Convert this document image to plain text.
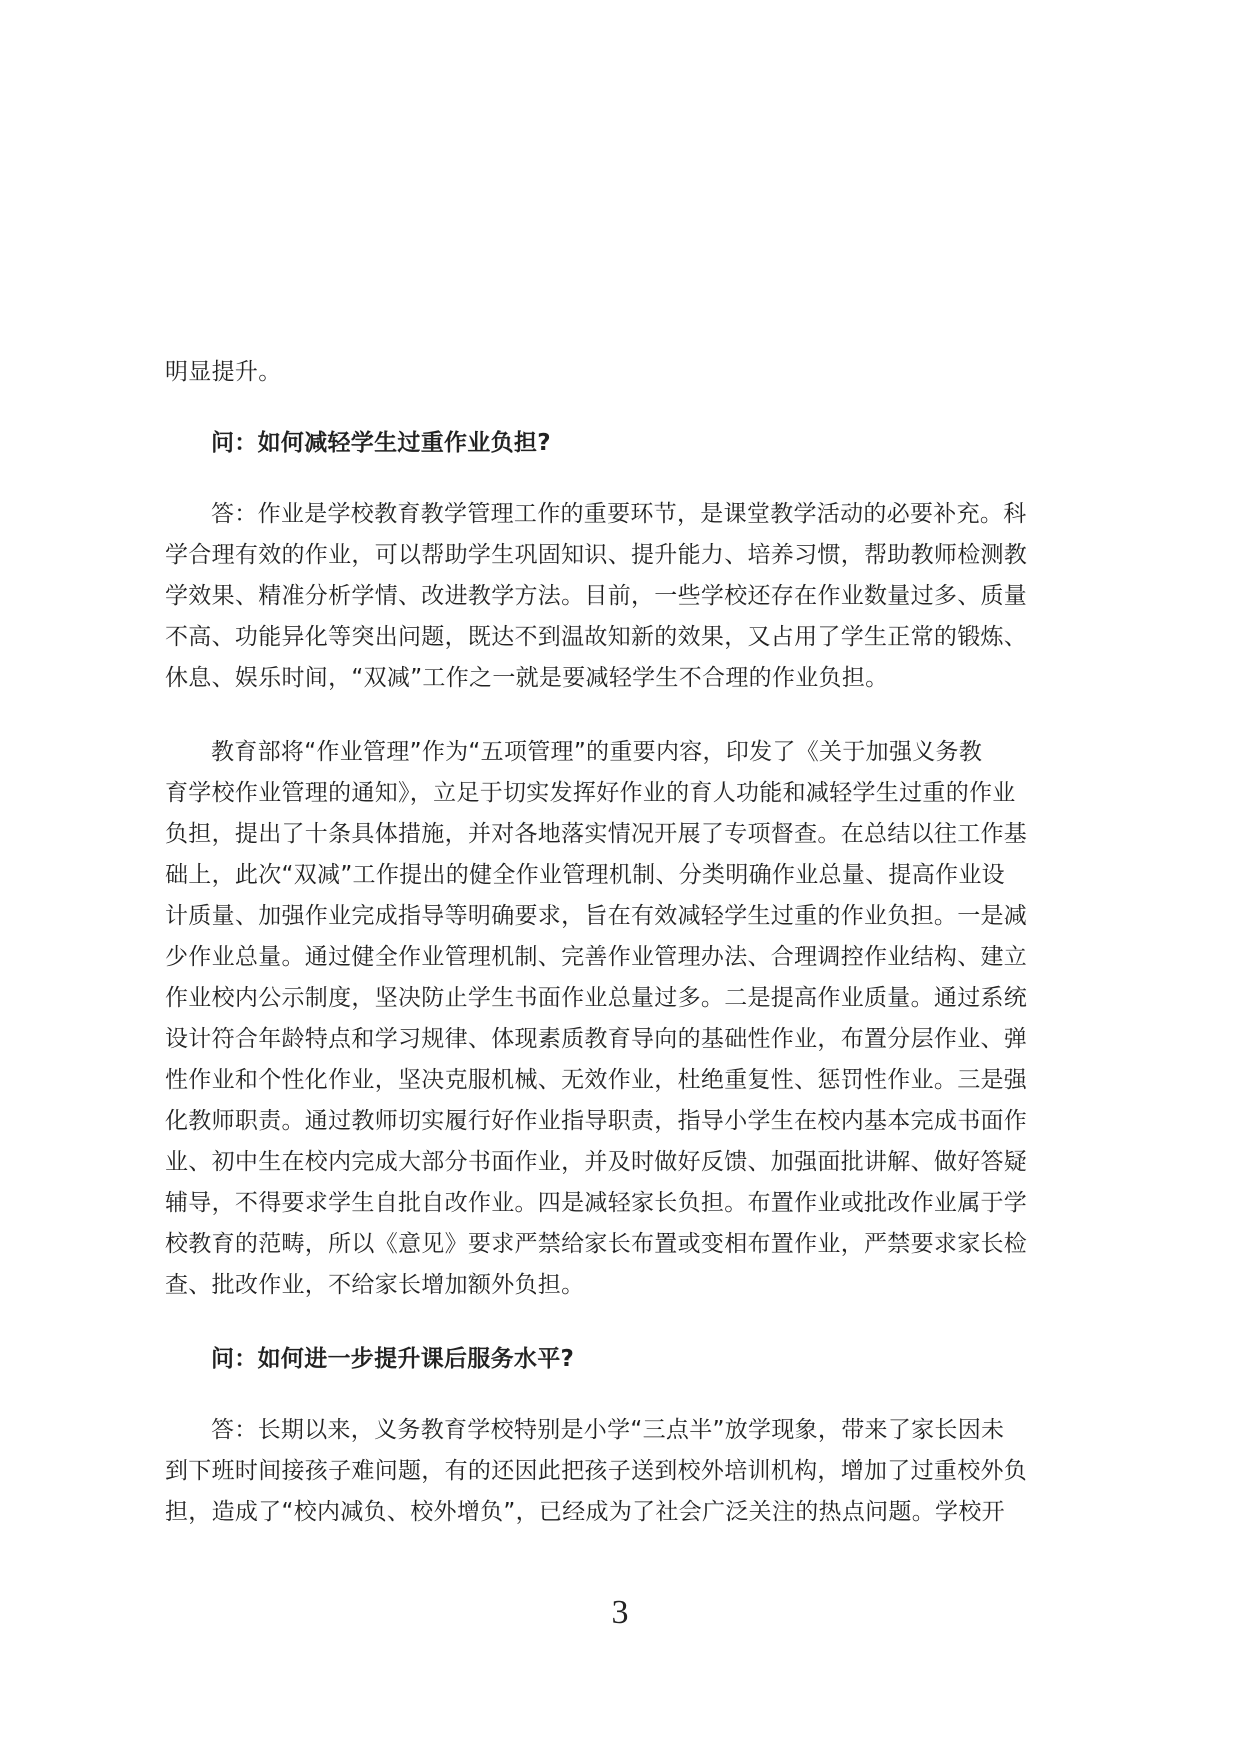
明显提升。
问：如何减轻学生过重作业负担?
答：作业是学校教育教学管理工作的重要环节，是课堂教学活动的必要补充。科
学合理有效的作业，可以帮助学生巩固知识、提升能力、培养习惯，帮助教师检测教
学效果、精准分析学情、改进教学方法。目前，一些学校还存在作业数量过多、质量
不高、功能异化等突出问题，既达不到温故知新的效果，又占用了学生正常的锻炼、
休息、娱乐时间，“双减”工作之一就是要减轻学生不合理的作业负担。
教育部将“作业管理”作为“五项管理”的重要内容，印发了《关于加强义务教
育学校作业管理的通知》，立足于切实发挥好作业的育人功能和减轻学生过重的作业
负担，提出了十条具体措施，并对各地落实情况开展了专项督查。在总结以往工作基
础上，此次“双减”工作提出的健全作业管理机制、分类明确作业总量、提高作业设
计质量、加强作业完成指导等明确要求，旨在有效减轻学生过重的作业负担。一是减
少作业总量。通过健全作业管理机制、完善作业管理办法、合理调控作业结构、建立
作业校内公示制度，坚决防止学生书面作业总量过多。二是提高作业质量。通过系统
设计符合年龄特点和学习规律、体现素质教育导向的基础性作业，布置分层作业、弹
性作业和个性化作业，坚决克服机械、无效作业，杜绝重复性、惩罚性作业。三是强
化教师职责。通过教师切实履行好作业指导职责，指导小学生在校内基本完成书面作
业、初中生在校内完成大部分书面作业，并及时做好反馈、加强面批讲解、做好答疑
辅导，不得要求学生自批自改作业。四是减轻家长负担。布置作业或批改作业属于学
校教育的范畴，所以《意见》要求严禁给家长布置或变相布置作业，严禁要求家长检
查、批改作业，不给家长增加额外负担。
问：如何进一步提升课后服务水平?
答：长期以来，义务教育学校特别是小学“三点半”放学现象，带来了家长因未
到下班时间接孩子难问题，有的还因此把孩子送到校外培训机构，增加了过重校外负
担，造成了“校内减负、校外增负”，已经成为了社会广泛关注的热点问题。学校开
3
